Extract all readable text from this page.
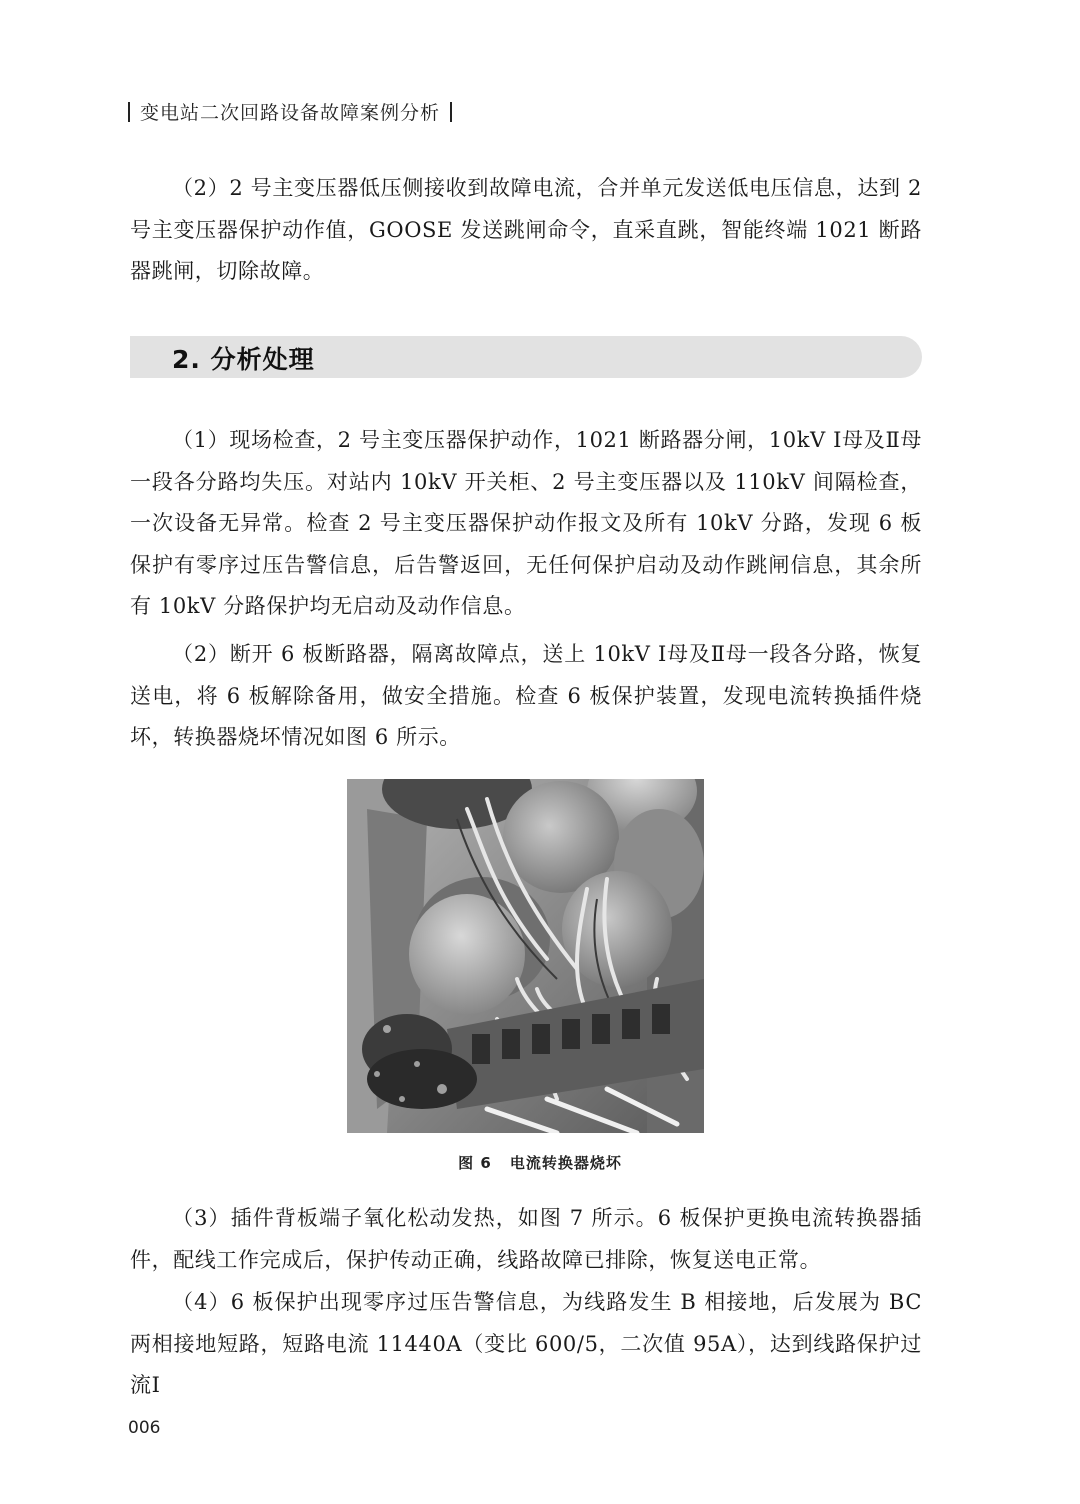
变电站二次回路设备故障案例分析

（2）2 号主变压器低压侧接收到故障电流，合并单元发送低电压信息，达到 2 号主变压器保护动作值，GOOSE 发送跳闸命令，直采直跳，智能终端 1021 断路器跳闸，切除故障。

2. 分析处理

（1）现场检查，2 号主变压器保护动作，1021 断路器分闸，10kV Ⅰ母及Ⅱ母一段各分路均失压。对站内 10kV 开关柜、2 号主变压器以及 110kV 间隔检查，一次设备无异常。检查 2 号主变压器保护动作报文及所有 10kV 分路，发现 6 板保护有零序过压告警信息，后告警返回，无任何保护启动及动作跳闸信息，其余所有 10kV 分路保护均无启动及动作信息。

（2）断开 6 板断路器，隔离故障点，送上 10kV Ⅰ母及Ⅱ母一段各分路，恢复送电，将 6 板解除备用，做安全措施。检查 6 板保护装置，发现电流转换插件烧坏，转换器烧坏情况如图 6 所示。

图 6 电流转换器烧坏

（3）插件背板端子氧化松动发热，如图 7 所示。6 板保护更换电流转换器插件，配线工作完成后，保护传动正确，线路故障已排除，恢复送电正常。

（4）6 板保护出现零序过压告警信息，为线路发生 B 相接地，后发展为 BC 两相接地短路，短路电流 11440A（变比 600/5，二次值 95A），达到线路保护过流Ⅰ

006
